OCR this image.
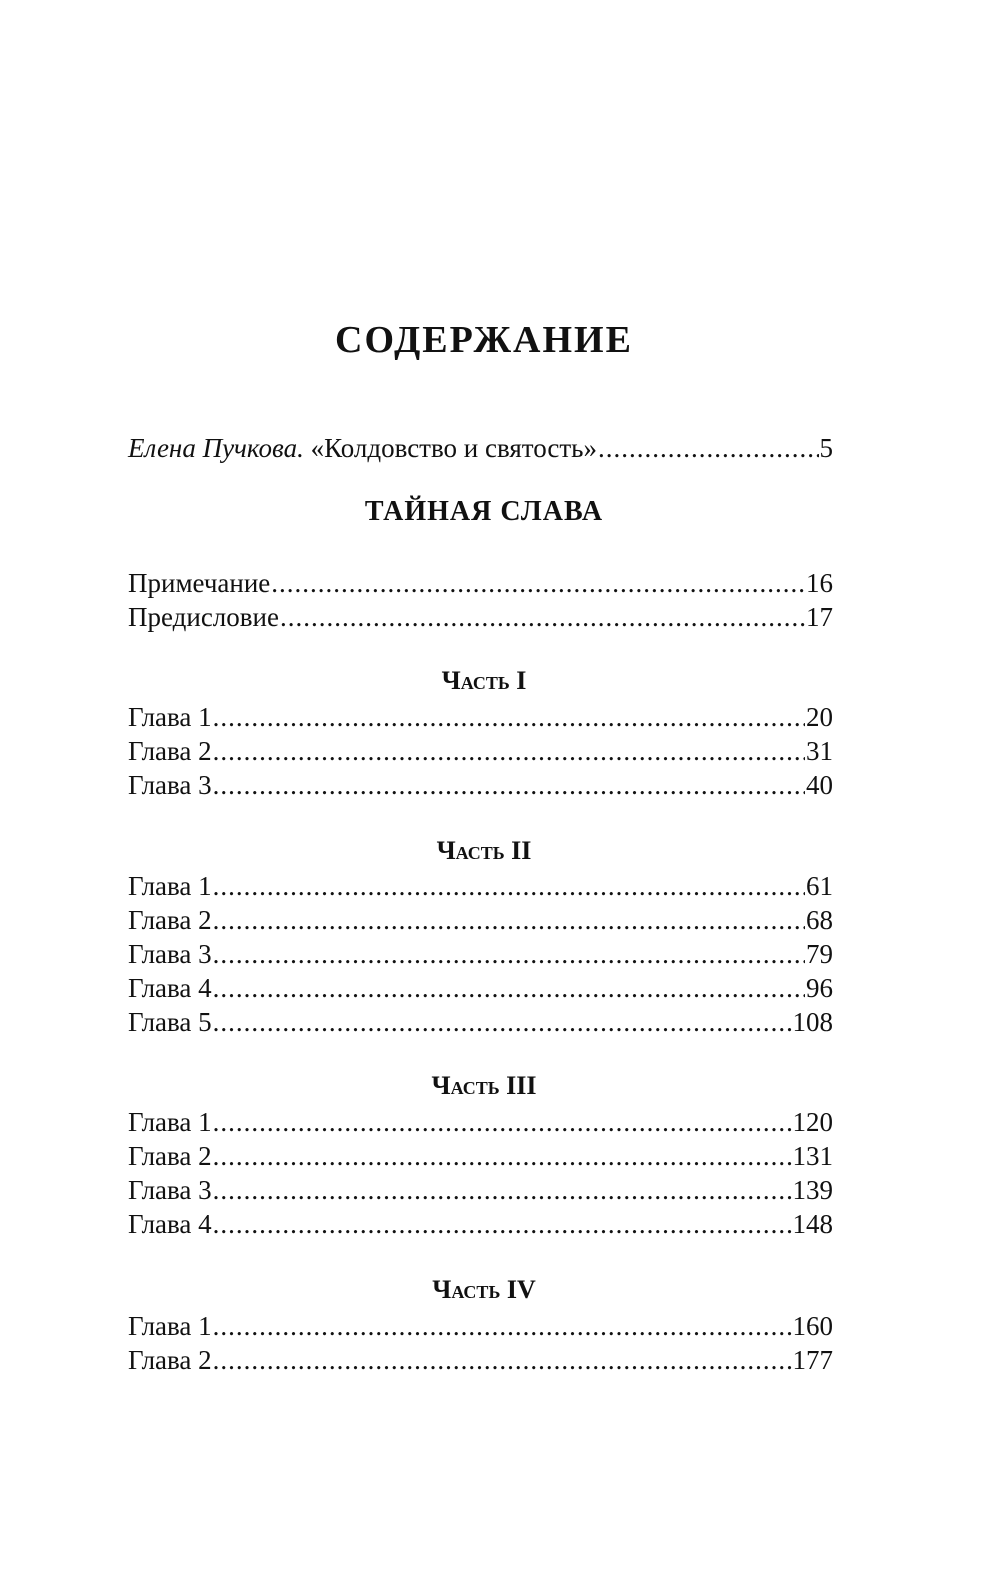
СОДЕРЖАНИЕ
Елена Пучкова. «Колдовство и святость» .....	5
ТАЙНАЯ СЛАВА
Примечание .....	16
Предисловие .....	17
Часть I
Глава 1 .....	20
Глава 2 .....	31
Глава 3 .....	40
Часть II
Глава 1 .....	61
Глава 2 .....	68
Глава 3 .....	79
Глава 4 .....	96
Глава 5 .....	108
Часть III
Глава 1 .....	120
Глава 2 .....	131
Глава 3 .....	139
Глава 4 .....	148
Часть IV
Глава 1 .....	160
Глава 2 .....	177
